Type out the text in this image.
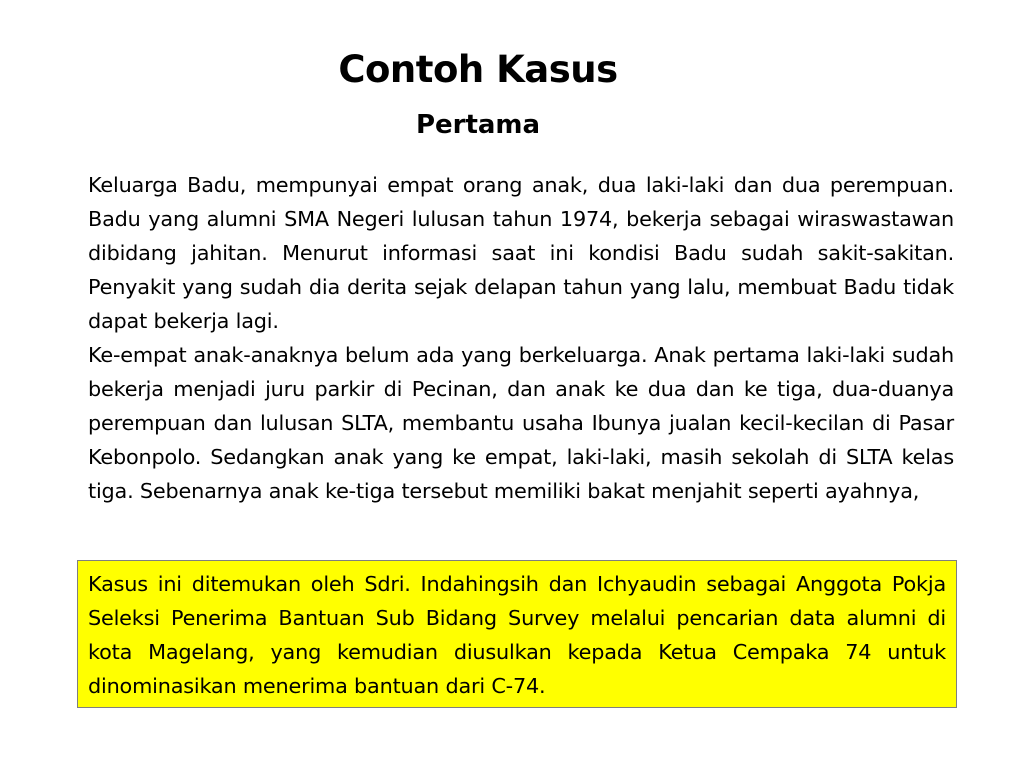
Contoh Kasus
Pertama

Keluarga Badu, mempunyai empat orang anak, dua laki-laki dan dua perempuan. Badu yang alumni SMA Negeri lulusan tahun 1974, bekerja sebagai wiraswastawan dibidang jahitan. Menurut informasi saat ini kondisi Badu sudah sakit-sakitan. Penyakit yang sudah dia derita sejak delapan tahun yang lalu, membuat Badu tidak dapat bekerja lagi.

Ke-empat anak-anaknya belum ada yang berkeluarga. Anak pertama laki-laki sudah bekerja menjadi juru parkir di Pecinan, dan anak ke dua dan ke tiga, dua-duanya perempuan dan lulusan SLTA, membantu usaha Ibunya jualan kecil-kecilan di Pasar Kebonpolo. Sedangkan anak yang ke empat, laki-laki, masih sekolah di SLTA kelas tiga. Sebenarnya anak ke-tiga tersebut memiliki bakat menjahit seperti ayahnya,

Kasus ini ditemukan oleh Sdri. Indahingsih dan Ichyaudin sebagai Anggota Pokja Seleksi Penerima Bantuan Sub Bidang Survey melalui pencarian data alumni di kota Magelang, yang kemudian diusulkan kepada Ketua Cempaka 74 untuk dinominasikan menerima bantuan dari C-74.
